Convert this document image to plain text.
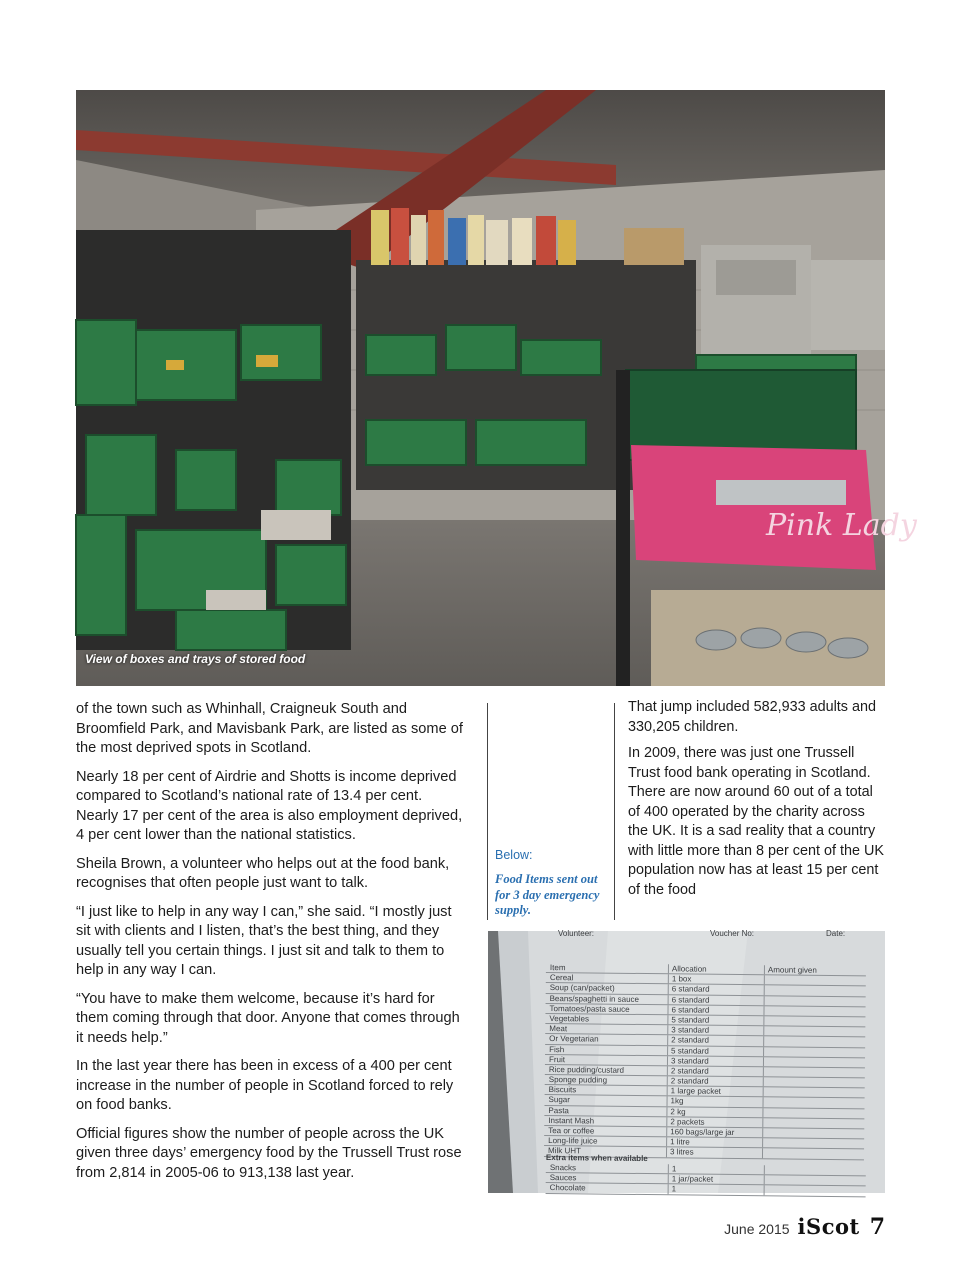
Pink Lady
View of boxes and trays of stored food

of the town such as Whinhall, Craigneuk South and Broomfield Park, and Mavisbank Park, are listed as some of the most deprived spots in Scotland.

Nearly 18 per cent of Airdrie and Shotts is income deprived compared to Scotland’s national rate of 13.4 per cent. Nearly 17 per cent of the area is also employment deprived, 4 per cent lower than the national statistics.

Sheila Brown, a volunteer who helps out at the food bank, recognises that often people just want to talk.

“I just like to help in any way I can,” she said. “I mostly just sit with clients and I listen, that’s the best thing, and they usually tell you certain things. I just sit and talk to them to help in any way I can.

“You have to make them welcome, because it’s hard for them coming through that door. Anyone that comes through it needs help.”

In the last year there has been in excess of a 400 per cent increase in the number of people in Scotland forced to rely on food banks.

Official figures show the number of people across the UK given three days’ emergency food by the Trussell Trust rose from 2,814 in 2005-06 to 913,138 last year.

Below:

Food Items sent out for 3 day emergency supply.

That jump included 582,933 adults and 330,205 children.

In 2009, there was just one Trussell Trust food bank operating in Scotland. There are now around 60 out of a total of 400 operated by the charity across the UK. It is a sad reality that a country with little more than 8 per cent of the UK population now has at least 15 per cent of the food

Volunteer:	Voucher No:	Date:
Item	Allocation	Amount given
Cereal	1 box
Soup (can/packet)	6 standard
Beans/spaghetti in sauce	6 standard
Tomatoes/pasta sauce	6 standard
Vegetables	5 standard
Meat	3 standard
Or Vegetarian	2 standard
Fish	5 standard
Fruit	3 standard
Rice pudding/custard	2 standard
Sponge pudding	2 standard
Biscuits	1 large packet
Sugar	1kg
Pasta	2 kg
Instant Mash	2 packets
Tea or coffee	160 bags/large jar
Long-life juice	1 litre
Milk UHT	3 litres
Extra items when available
Snacks	1
Sauces	1 jar/packet
Chocolate	1
June 2015 iScot 7
